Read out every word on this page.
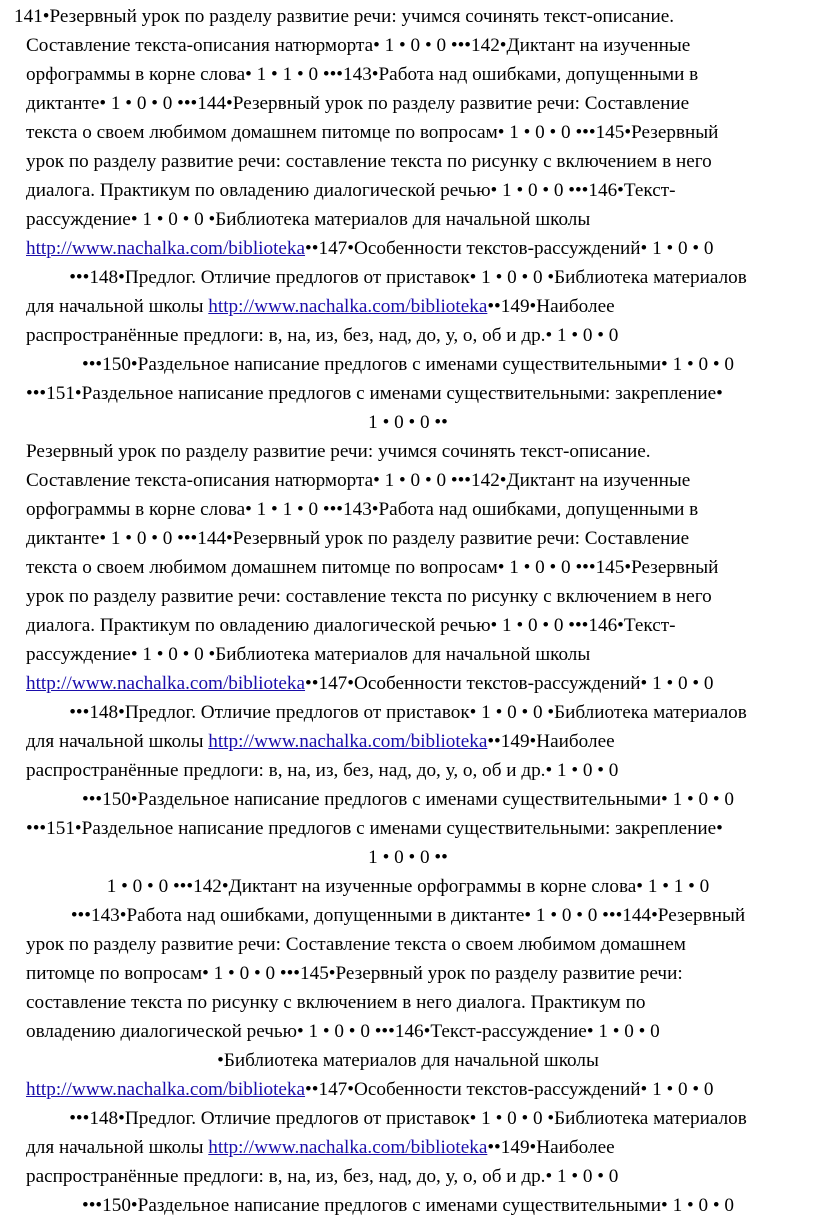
141•Резервный урок по разделу развитие речи: учимся сочинять текст-описание.
Составление текста-описания натюрморта• 1 • 0 • 0 •••142•Диктант на изученные
орфограммы в корне слова• 1 • 1 • 0 •••143•Работа над ошибками, допущенными в
диктанте• 1 • 0 • 0 •••144•Резервный урок по разделу развитие речи: Составление
текста о своем любимом домашнем питомце по вопросам• 1 • 0 • 0 •••145•Резервный
урок по разделу развитие речи: составление текста по рисунку с включением в него
диалога. Практикум по овладению диалогической речью• 1 • 0 • 0 •••146•Текст-
рассуждение• 1 • 0 • 0 •Библиотека материалов для начальной школы
http://www.nachalka.com/biblioteka••147•Особенности текстов-рассуждений• 1 • 0 • 0
•••148•Предлог. Отличие предлогов от приставок• 1 • 0 • 0 •Библиотека материалов
для начальной школы http://www.nachalka.com/biblioteka••149•Наиболее
распространённые предлоги: в, на, из, без, над, до, у, о, об и др.• 1 • 0 • 0
•••150•Раздельное написание предлогов с именами существительными• 1 • 0 • 0
•••151•Раздельное написание предлогов с именами существительными: закрепление•
1 • 0 • 0 ••
Резервный урок по разделу развитие речи: учимся сочинять текст-описание.
Составление текста-описания натюрморта• 1 • 0 • 0 •••142•Диктант на изученные
орфограммы в корне слова• 1 • 1 • 0 •••143•Работа над ошибками, допущенными в
диктанте• 1 • 0 • 0 •••144•Резервный урок по разделу развитие речи: Составление
текста о своем любимом домашнем питомце по вопросам• 1 • 0 • 0 •••145•Резервный
урок по разделу развитие речи: составление текста по рисунку с включением в него
диалога. Практикум по овладению диалогической речью• 1 • 0 • 0 •••146•Текст-
рассуждение• 1 • 0 • 0 •Библиотека материалов для начальной школы
http://www.nachalka.com/biblioteka••147•Особенности текстов-рассуждений• 1 • 0 • 0
•••148•Предлог. Отличие предлогов от приставок• 1 • 0 • 0 •Библиотека материалов
для начальной школы http://www.nachalka.com/biblioteka••149•Наиболее
распространённые предлоги: в, на, из, без, над, до, у, о, об и др.• 1 • 0 • 0
•••150•Раздельное написание предлогов с именами существительными• 1 • 0 • 0
•••151•Раздельное написание предлогов с именами существительными: закрепление•
1 • 0 • 0 ••
1 • 0 • 0 •••142•Диктант на изученные орфограммы в корне слова• 1 • 1 • 0
•••143•Работа над ошибками, допущенными в диктанте• 1 • 0 • 0 •••144•Резервный
урок по разделу развитие речи: Составление текста о своем любимом домашнем
питомце по вопросам• 1 • 0 • 0 •••145•Резервный урок по разделу развитие речи:
составление текста по рисунку с включением в него диалога. Практикум по
овладению диалогической речью• 1 • 0 • 0 •••146•Текст-рассуждение• 1 • 0 • 0
•Библиотека материалов для начальной школы
http://www.nachalka.com/biblioteka••147•Особенности текстов-рассуждений• 1 • 0 • 0
•••148•Предлог. Отличие предлогов от приставок• 1 • 0 • 0 •Библиотека материалов
для начальной школы http://www.nachalka.com/biblioteka••149•Наиболее
распространённые предлоги: в, на, из, без, над, до, у, о, об и др.• 1 • 0 • 0
•••150•Раздельное написание предлогов с именами существительными• 1 • 0 • 0
